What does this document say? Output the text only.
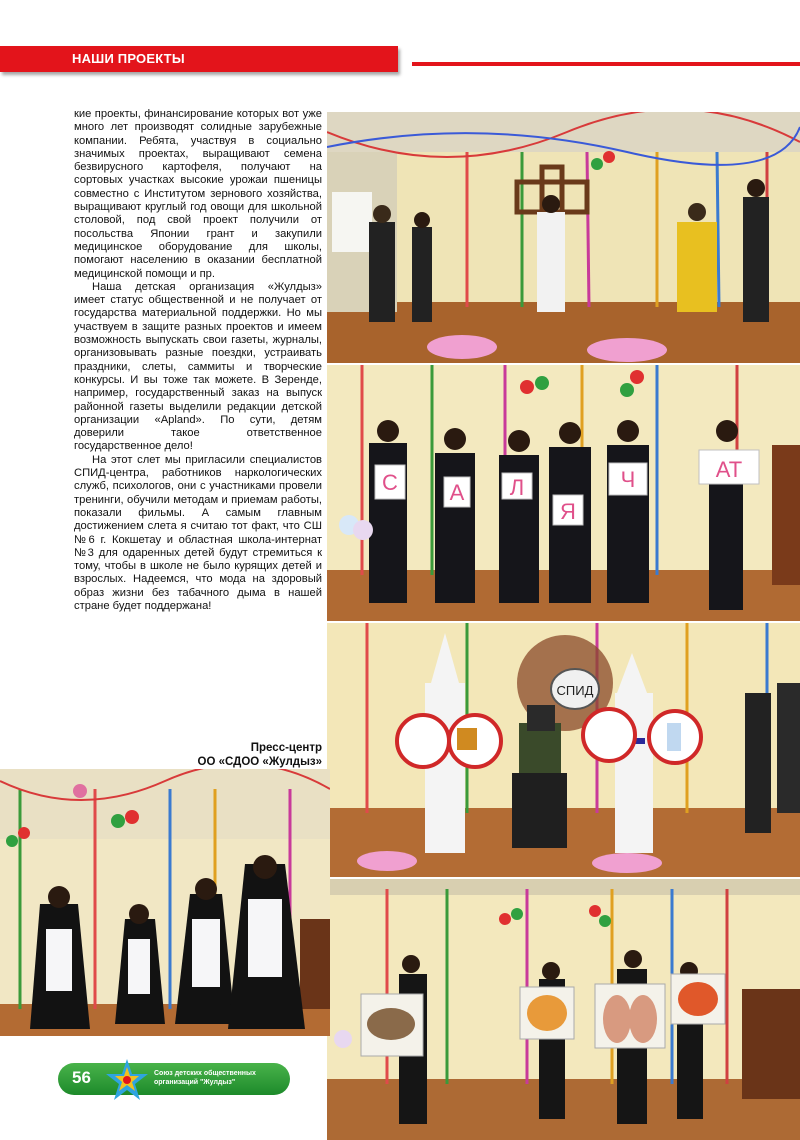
НАШИ ПРОЕКТЫ

кие проекты, финансирование которых вот уже много лет производят солидные зарубежные компании. Ребята, участвуя в социально значимых проектах, выращивают семена безвирусного картофеля, получают на сортовых участках высокие урожаи пшеницы совместно с Институтом зернового хозяйства, выращивают круглый год овощи для школьной столовой, под свой проект получили от посольства Японии грант и закупили медицинское оборудование для школы, помогают населению в оказании бесплатной медицинской помощи и пр.

Наша детская организация «Жулдыз» имеет статус общественной и не получает от государства материальной поддержки. Но мы участвуем в защите разных проектов и имеем возможность выпускать свои газеты, журналы, организовывать разные поездки, устраивать праздники, слеты, саммиты и творческие конкурсы. И вы тоже так можете. В Зерендe, например, государственный заказ на выпуск районной газеты выделили редакции детской организации «Apland». По сути, детям доверили такое ответственное государственное дело!

На этот слет мы пригласили специалистов СПИД-центра, работников наркологических служб, психологов, они с участниками провели тренинги, обучили методам и приемам работы, показали фильмы. А самым главным достижением слета я считаю тот факт, что СШ №6 г. Кокшетау и областная школа-интернат №3 для одаренных детей будут стремиться к тому, чтобы в школе не было курящих детей и взрослых. Надеемся, что мода на здоровый образ жизни без табачного дыма в нашей стране будет поддержана!

Пресс-центр
ОО «СДОО «Жулдыз»
С А Л
Я
Ч	АТ
СПИД
56	Союз детских общественных
организаций "Жулдыз"
